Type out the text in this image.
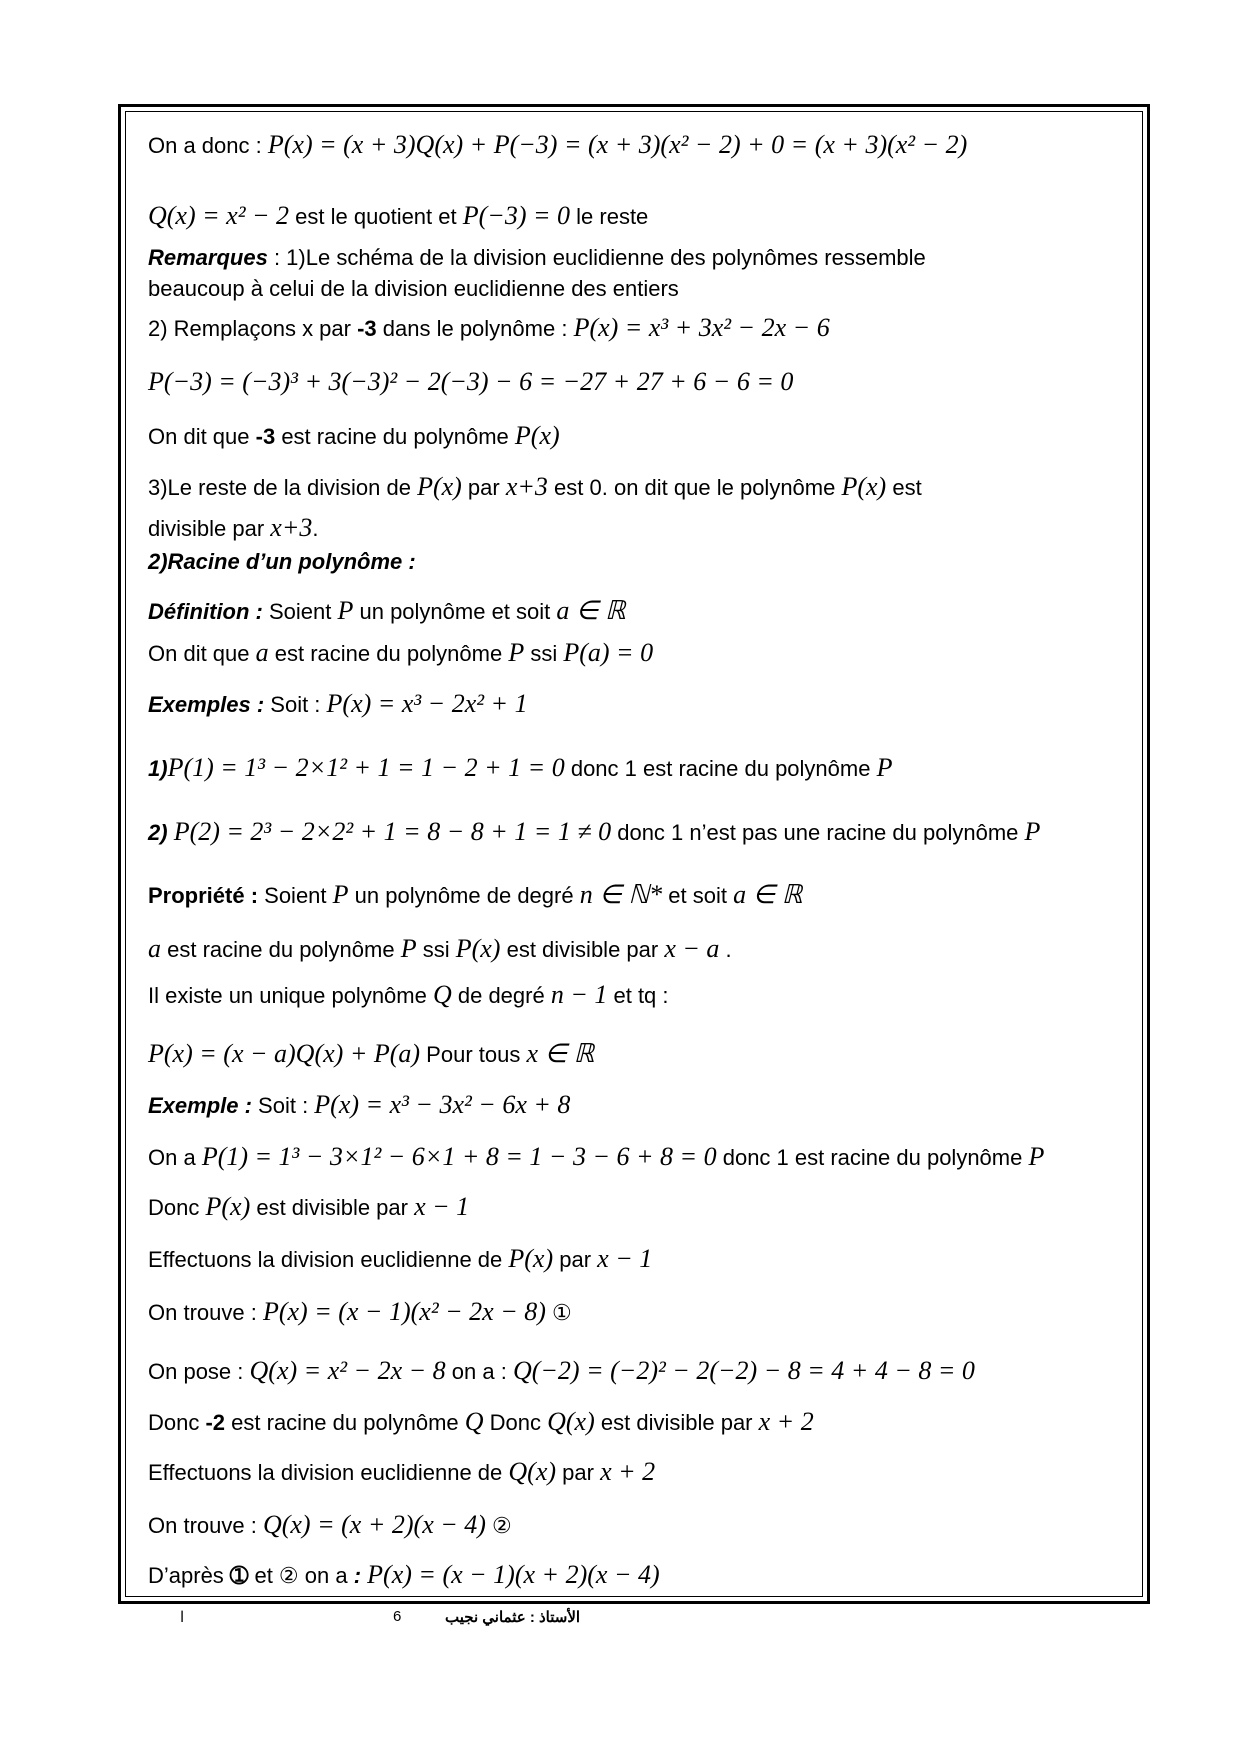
On a donc : P(x) = (x + 3)Q(x) + P(−3) = (x + 3)(x² − 2) + 0 = (x + 3)(x² − 2)
Q(x) = x² − 2 est le quotient et P(−3) = 0 le reste
Remarques : 1)Le schéma de la division euclidienne des polynômes ressemble
beaucoup à celui de la division euclidienne des entiers
2) Remplaçons x par -3 dans le polynôme : P(x) = x³ + 3x² − 2x − 6
P(−3) = (−3)³ + 3(−3)² − 2(−3) − 6 = −27 + 27 + 6 − 6 = 0
On dit que -3 est racine du polynôme P(x)
3)Le reste de la division de P(x) par x+3 est 0. on dit que le polynôme P(x) est
divisible par x+3.
2)Racine d’un polynôme :
Définition : Soient P un polynôme et soit a ∈ ℝ
On dit que a est racine du polynôme P ssi P(a) = 0
Exemples : Soit : P(x) = x³ − 2x² + 1
1)P(1) = 1³ − 2×1² + 1 = 1 − 2 + 1 = 0 donc 1 est racine du polynôme P
2) P(2) = 2³ − 2×2² + 1 = 8 − 8 + 1 = 1 ≠ 0 donc 1 n’est pas une racine du polynôme P
Propriété : Soient P un polynôme de degré n ∈ ℕ* et soit a ∈ ℝ
a est racine du polynôme P ssi P(x) est divisible par x − a .
Il existe un unique polynôme Q de degré n − 1 et tq :
P(x) = (x − a)Q(x) + P(a) Pour tous x ∈ ℝ
Exemple : Soit : P(x) = x³ − 3x² − 6x + 8
On a P(1) = 1³ − 3×1² − 6×1 + 8 = 1 − 3 − 6 + 8 = 0 donc 1 est racine du polynôme P
Donc P(x) est divisible par x − 1
Effectuons la division euclidienne de P(x) par x − 1
On trouve : P(x) = (x − 1)(x² − 2x − 8) ①
On pose : Q(x) = x² − 2x − 8 on a : Q(−2) = (−2)² − 2(−2) − 8 = 4 + 4 − 8 = 0
Donc -2 est racine du polynôme Q Donc Q(x) est divisible par x + 2
Effectuons la division euclidienne de Q(x) par x + 2
On trouve : Q(x) = (x + 2)(x − 4) ②
D’après ➀ et ② on a : P(x) = (x − 1)(x + 2)(x − 4)
ا	6	الأستاذ : عثماني نجيب
